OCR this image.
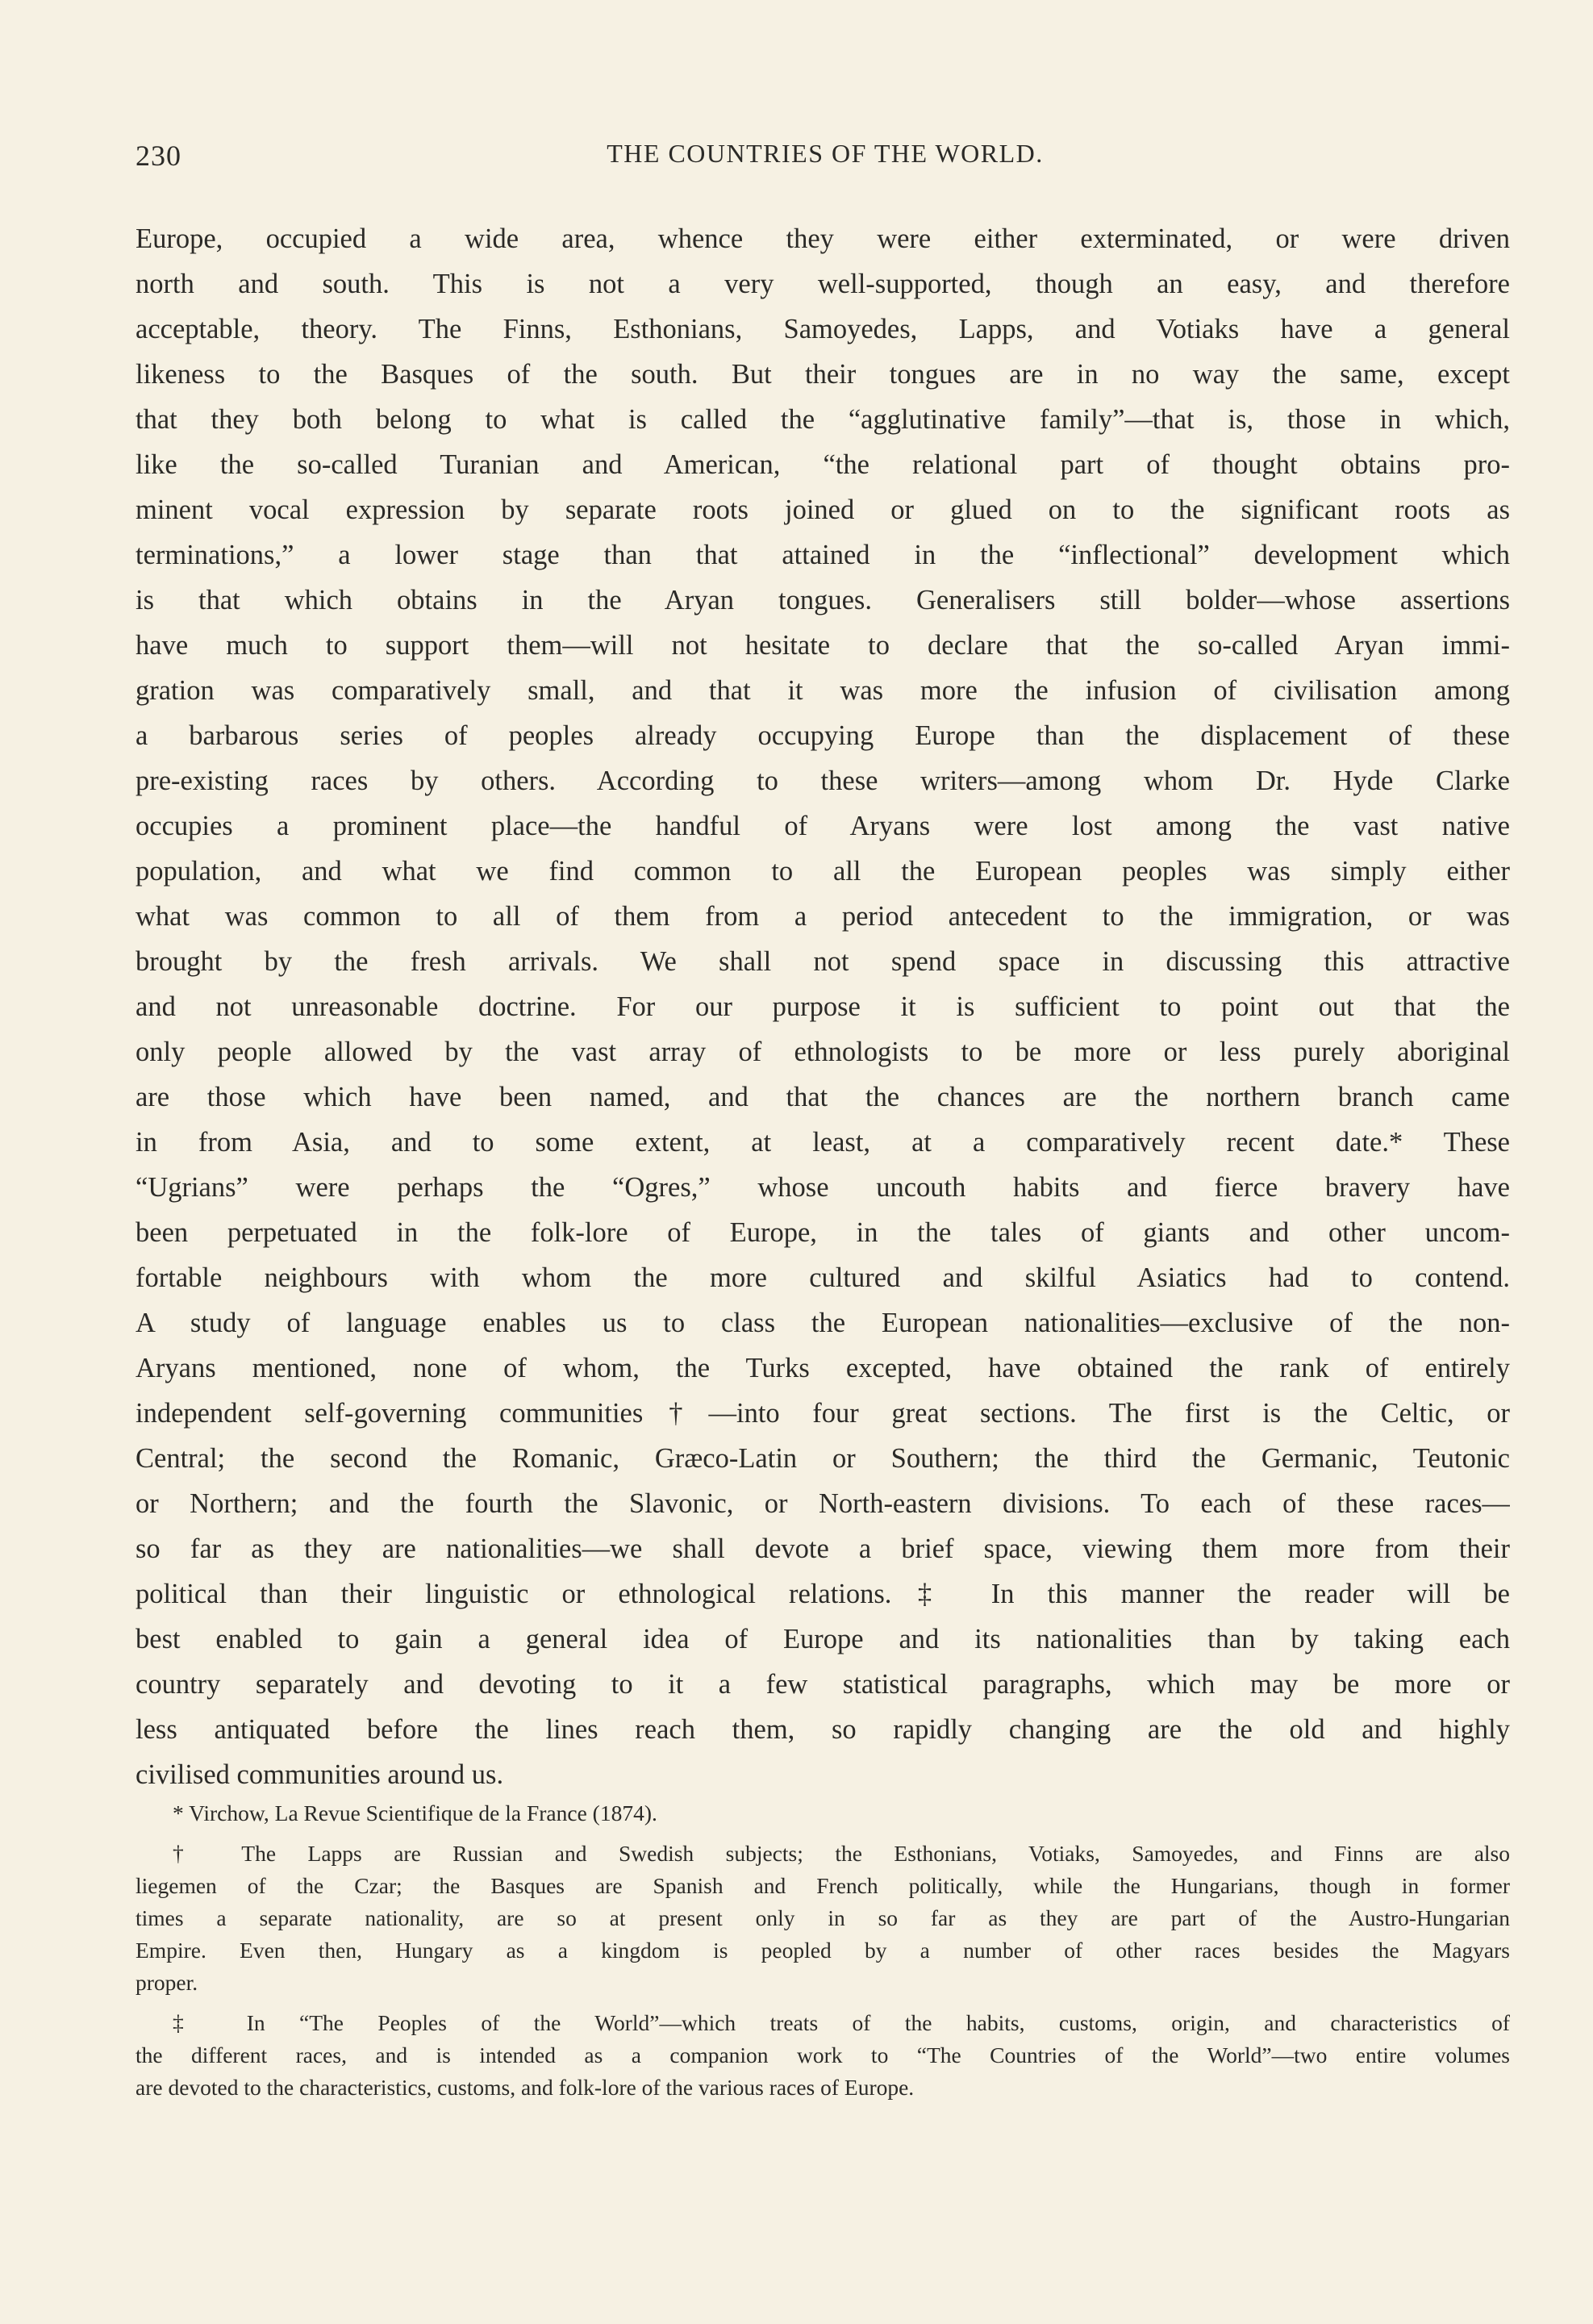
230	THE COUNTRIES OF THE WORLD.
Europe, occupied a wide area, whence they were either exterminated, or were driven
north and south. This is not a very well-supported, though an easy, and therefore
acceptable, theory. The Finns, Esthonians, Samoyedes, Lapps, and Votiaks have a general
likeness to the Basques of the south. But their tongues are in no way the same, except
that they both belong to what is called the “agglutinative family”—that is, those in which,
like the so-called Turanian and American, “the relational part of thought obtains pro-
minent vocal expression by separate roots joined or glued on to the significant roots as
terminations,” a lower stage than that attained in the “inflectional” development which
is that which obtains in the Aryan tongues. Generalisers still bolder—whose assertions
have much to support them—will not hesitate to declare that the so-called Aryan immi-
gration was comparatively small, and that it was more the infusion of civilisation among
a barbarous series of peoples already occupying Europe than the displacement of these
pre-existing races by others. According to these writers—among whom Dr. Hyde Clarke
occupies a prominent place—the handful of Aryans were lost among the vast native
population, and what we find common to all the European peoples was simply either
what was common to all of them from a period antecedent to the immigration, or was
brought by the fresh arrivals. We shall not spend space in discussing this attractive
and not unreasonable doctrine. For our purpose it is sufficient to point out that the
only people allowed by the vast array of ethnologists to be more or less purely aboriginal
are those which have been named, and that the chances are the northern branch came
in from Asia, and to some extent, at least, at a comparatively recent date.* These
“Ugrians” were perhaps the “Ogres,” whose uncouth habits and fierce bravery have
been perpetuated in the folk-lore of Europe, in the tales of giants and other uncom-
fortable neighbours with whom the more cultured and skilful Asiatics had to contend.
A study of language enables us to class the European nationalities—exclusive of the non-
Aryans mentioned, none of whom, the Turks excepted, have obtained the rank of entirely
independent self-governing communities†—into four great sections. The first is the Celtic, or
Central; the second the Romanic, Græco-Latin or Southern; the third the Germanic, Teutonic
or Northern; and the fourth the Slavonic, or North-eastern divisions. To each of these races—
so far as they are nationalities—we shall devote a brief space, viewing them more from their
political than their linguistic or ethnological relations.‡ In this manner the reader will be
best enabled to gain a general idea of Europe and its nationalities than by taking each
country separately and devoting to it a few statistical paragraphs, which may be more or
less antiquated before the lines reach them, so rapidly changing are the old and highly
civilised communities around us.
* Virchow, La Revue Scientifique de la France (1874).
† The Lapps are Russian and Swedish subjects; the Esthonians, Votiaks, Samoyedes, and Finns are also
liegemen of the Czar; the Basques are Spanish and French politically, while the Hungarians, though in former
times a separate nationality, are so at present only in so far as they are part of the Austro-Hungarian
Empire. Even then, Hungary as a kingdom is peopled by a number of other races besides the Magyars
proper.
‡ In “The Peoples of the World”—which treats of the habits, customs, origin, and characteristics of
the different races, and is intended as a companion work to “The Countries of the World”—two entire volumes
are devoted to the characteristics, customs, and folk-lore of the various races of Europe.
